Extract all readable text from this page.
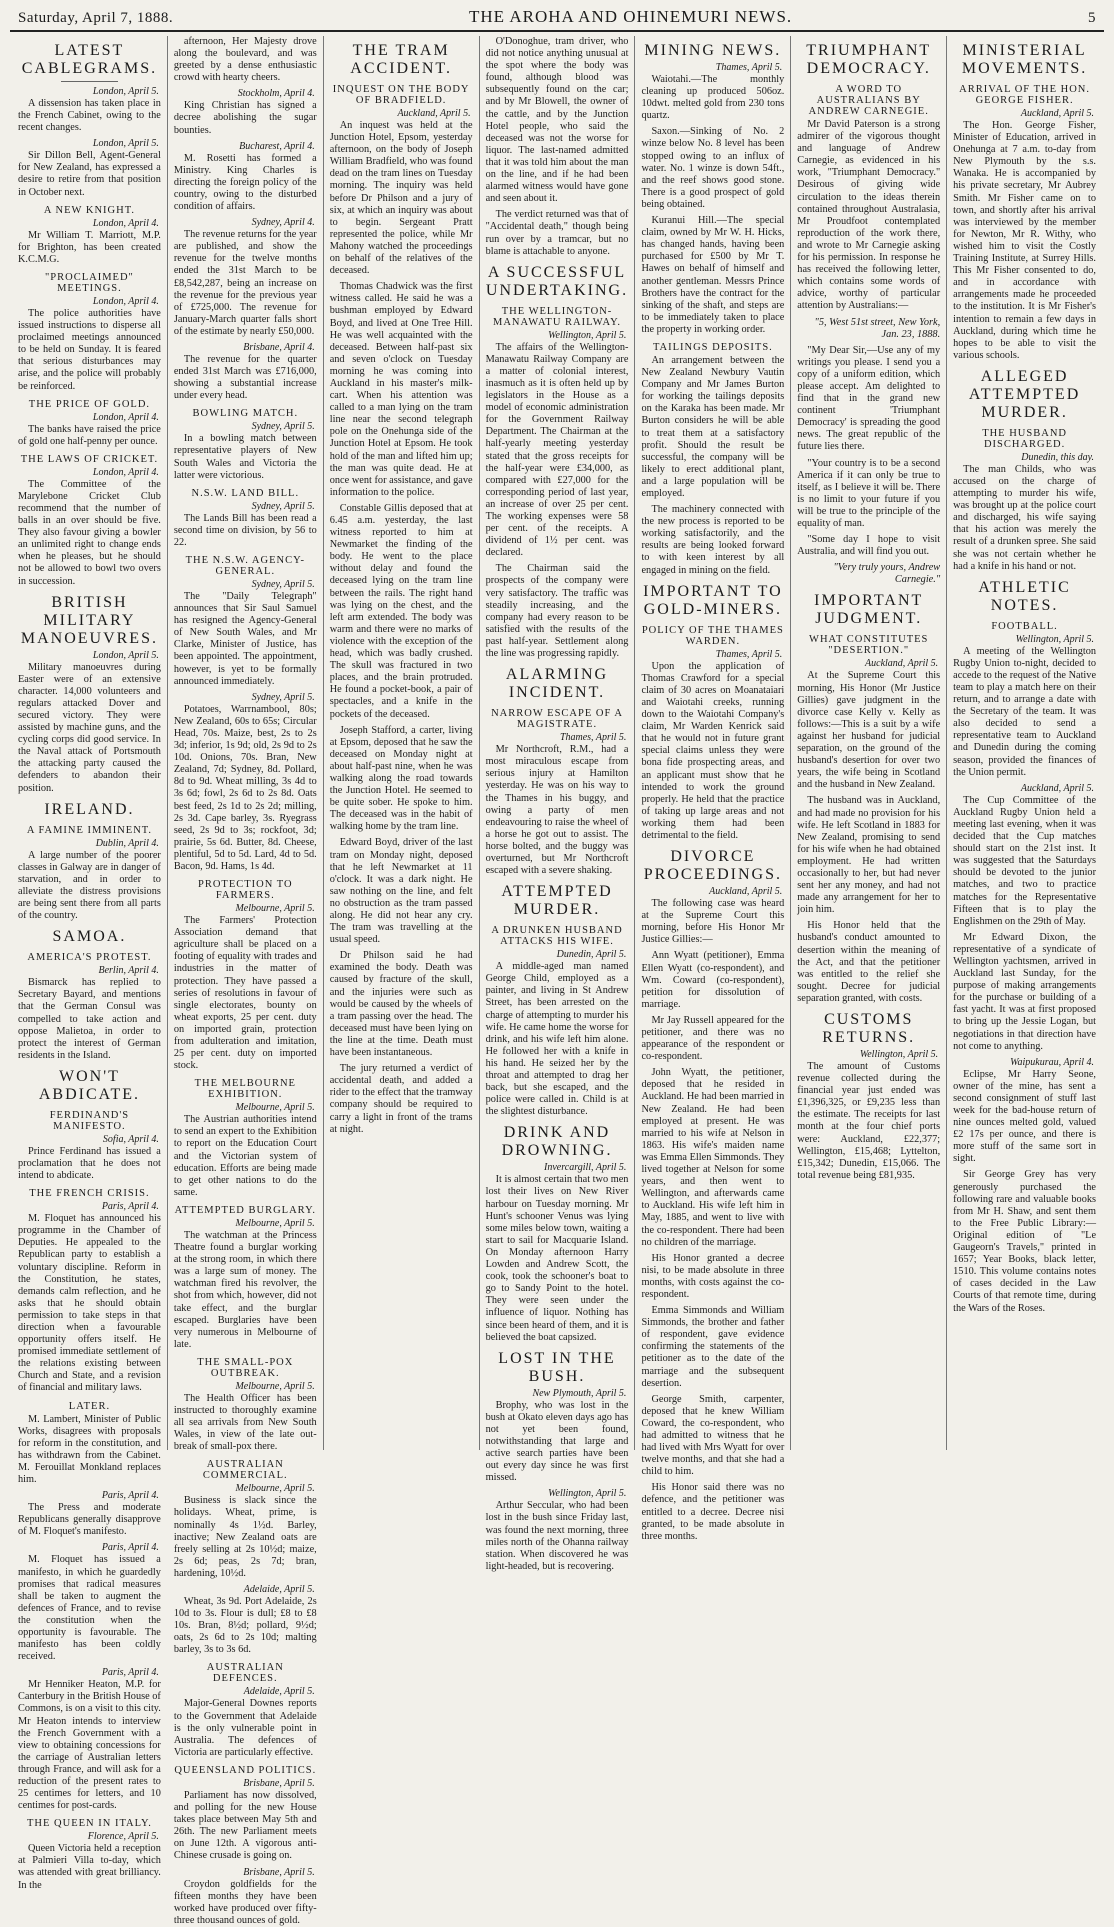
Saturday, April 7, 1888.	THE AROHA AND OHINEMURI NEWS.	5
LATEST CABLEGRAMS.
London, April 5.
A dissension has taken place in the French Cabinet, owing to the recent changes.
London, April 5.
Sir Dillon Bell, Agent-General for New Zealand, has expressed a desire to retire from that position in October next.
A NEW KNIGHT.
London, April 4.
Mr William T. Marriott, M.P. for Brighton, has been created K.C.M.G.
"PROCLAIMED" MEETINGS.
London, April 4.
The police authorities have issued instructions to disperse all proclaimed meetings announced to be held on Sunday. It is feared that serious disturbances may arise, and the police will probably be reinforced.
THE PRICE OF GOLD.
London, April 4.
The banks have raised the price of gold one half-penny per ounce.
THE LAWS OF CRICKET.
London, April 4.
The Committee of the Marylebone Cricket Club recommend that the number of balls in an over should be five. They also favour giving a bowler an unlimited right to change ends when he pleases, but he should not be allowed to bowl two overs in succession.
BRITISH MILITARY MANOEUVRES.
London, April 5.
Military manoeuvres during Easter were of an extensive character. 14,000 volunteers and regulars attacked Dover and secured victory. They were assisted by machine guns, and the cycling corps did good service. In the Naval attack of Portsmouth the attacking party caused the defenders to abandon their position.
IRELAND.
A FAMINE IMMINENT.
Dublin, April 4.
A large number of the poorer classes in Galway are in danger of starvation, and in order to alleviate the distress provisions are being sent there from all parts of the country.
SAMOA.
AMERICA'S PROTEST.
Berlin, April 4.
Bismarck has replied to Secretary Bayard, and mentions that the German Consul was compelled to take action and oppose Malietoa, in order to protect the interest of German residents in the Island.
WON'T ABDICATE.
FERDINAND'S MANIFESTO.
Sofia, April 4.
Prince Ferdinand has issued a proclamation that he does not intend to abdicate.
THE FRENCH CRISIS.
Paris, April 4.
M. Floquet has announced his programme in the Chamber of Deputies. He appealed to the Republican party to establish a voluntary discipline. Reform in the Constitution, he states, demands calm reflection, and he asks that he should obtain permission to take steps in that direction when a favourable opportunity offers itself. He promised immediate settlement of the relations existing between Church and State, and a revision of financial and military laws.
LATER.
M. Lambert, Minister of Public Works, disagrees with proposals for reform in the constitution, and has withdrawn from the Cabinet. M. Ferouillat Monkland replaces him.
Paris, April 4.
The Press and moderate Republicans generally disapprove of M. Floquet's manifesto.
Paris, April 4.
M. Floquet has issued a manifesto, in which he guardedly promises that radical measures shall be taken to augment the defences of France, and to revise the constitution when the opportunity is favourable. The manifesto has been coldly received.
Paris, April 4.
Mr Henniker Heaton, M.P. for Canterbury in the British House of Commons, is on a visit to this city. Mr Heaton intends to interview the French Government with a view to obtaining concessions for the carriage of Australian letters through France, and will ask for a reduction of the present rates to 25 centimes for letters, and 10 centimes for post-cards.
THE QUEEN IN ITALY.
Florence, April 5.
Queen Victoria held a reception at Palmieri Villa to-day, which was attended with great brilliancy. In the
afternoon, Her Majesty drove along the boulevard, and was greeted by a dense enthusiastic crowd with hearty cheers.
Stockholm, April 4.
King Christian has signed a decree abolishing the sugar bounties.
Bucharest, April 4.
M. Rosetti has formed a Ministry. King Charles is directing the foreign policy of the country, owing to the disturbed condition of affairs.
Sydney, April 4.
The revenue returns for the year are published, and show the revenue for the twelve months ended the 31st March to be £8,542,287, being an increase on the revenue for the previous year of £725,000. The revenue for January-March quarter falls short of the estimate by nearly £50,000.
Brisbane, April 4.
The revenue for the quarter ended 31st March was £716,000, showing a substantial increase under every head.
BOWLING MATCH.
Sydney, April 5.
In a bowling match between representative players of New South Wales and Victoria the latter were victorious.
N.S.W. LAND BILL.
Sydney, April 5.
The Lands Bill has been read a second time on division, by 56 to 22.
THE N.S.W. AGENCY-GENERAL.
Sydney, April 5.
The "Daily Telegraph" announces that Sir Saul Samuel has resigned the Agency-General of New South Wales, and Mr Clarke, Minister of Justice, has been appointed. The appointment, however, is yet to be formally announced immediately.
Sydney, April 5.
Potatoes, Warrnambool, 80s; New Zealand, 60s to 65s; Circular Head, 70s. Maize, best, 2s to 2s 3d; inferior, 1s 9d; old, 2s 9d to 2s 10d. Onions, 70s. Bran, New Zealand, 7d; Sydney, 8d. Pollard, 8d to 9d. Wheat milling, 3s 4d to 3s 6d; fowl, 2s 6d to 2s 8d. Oats best feed, 2s 1d to 2s 2d; milling, 2s 3d. Cape barley, 3s. Ryegrass seed, 2s 9d to 3s; rockfoot, 3d; prairie, 5s 6d. Butter, 8d. Cheese, plentiful, 5d to 5d. Lard, 4d to 5d. Bacon, 9d. Hams, 1s 4d.
PROTECTION TO FARMERS.
Melbourne, April 5.
The Farmers' Protection Association demand that agriculture shall be placed on a footing of equality with trades and industries in the matter of protection. They have passed a series of resolutions in favour of single electorates, bounty on wheat exports, 25 per cent. duty on imported grain, protection from adulteration and imitation, 25 per cent. duty on imported stock.
THE MELBOURNE EXHIBITION.
Melbourne, April 5.
The Austrian authorities intend to send an expert to the Exhibition to report on the Education Court and the Victorian system of education. Efforts are being made to get other nations to do the same.
ATTEMPTED BURGLARY.
Melbourne, April 5.
The watchman at the Princess Theatre found a burglar working at the strong room, in which there was a large sum of money. The watchman fired his revolver, the shot from which, however, did not take effect, and the burglar escaped. Burglaries have been very numerous in Melbourne of late.
THE SMALL-POX OUTBREAK.
Melbourne, April 5.
The Health Officer has been instructed to thoroughly examine all sea arrivals from New South Wales, in view of the late out-break of small-pox there.
AUSTRALIAN COMMERCIAL.
Melbourne, April 5.
Business is slack since the holidays. Wheat, prime, is nominally 4s 1½d. Barley, inactive; New Zealand oats are freely selling at 2s 10½d; maize, 2s 6d; peas, 2s 7d; bran, hardening, 10½d.
Adelaide, April 5.
Wheat, 3s 9d. Port Adelaide, 2s 10d to 3s. Flour is dull; £8 to £8 10s. Bran, 8½d; pollard, 9½d; oats, 2s 6d to 2s 10d; malting barley, 3s to 3s 6d.
AUSTRALIAN DEFENCES.
Adelaide, April 5.
Major-General Downes reports to the Government that Adelaide is the only vulnerable point in Australia. The defences of Victoria are particularly effective.
QUEENSLAND POLITICS.
Brisbane, April 5.
Parliament has now dissolved, and polling for the new House takes place between May 5th and 26th. The new Parliament meets on June 12th. A vigorous anti-Chinese crusade is going on.
Brisbane, April 5.
Croydon goldfields for the fifteen months they have been worked have produced over fifty-three thousand ounces of gold.
THE TRAM ACCIDENT.
INQUEST ON THE BODY OF BRADFIELD.
Auckland, April 5.
An inquest was held at the Junction Hotel, Epsom, yesterday afternoon, on the body of Joseph William Bradfield, who was found dead on the tram lines on Tuesday morning. The inquiry was held before Dr Philson and a jury of six, at which an inquiry was about to begin. Sergeant Pratt represented the police, while Mr Mahony watched the proceedings on behalf of the relatives of the deceased.
Thomas Chadwick was the first witness called. He said he was a bushman employed by Edward Boyd, and lived at One Tree Hill. He was well acquainted with the deceased. Between half-past six and seven o'clock on Tuesday morning he was coming into Auckland in his master's milk-cart. When his attention was called to a man lying on the tram line near the second telegraph pole on the Onehunga side of the Junction Hotel at Epsom. He took hold of the man and lifted him up; the man was quite dead. He at once went for assistance, and gave information to the police.
Constable Gillis deposed that at 6.45 a.m. yesterday, the last witness reported to him at Newmarket the finding of the body. He went to the place without delay and found the deceased lying on the tram line between the rails. The right hand was lying on the chest, and the left arm extended. The body was warm and there were no marks of violence with the exception of the head, which was badly crushed. The skull was fractured in two places, and the brain protruded. He found a pocket-book, a pair of spectacles, and a knife in the pockets of the deceased.
Joseph Stafford, a carter, living at Epsom, deposed that he saw the deceased on Monday night at about half-past nine, when he was walking along the road towards the Junction Hotel. He seemed to be quite sober. He spoke to him. The deceased was in the habit of walking home by the tram line.
Edward Boyd, driver of the last tram on Monday night, deposed that he left Newmarket at 11 o'clock. It was a dark night. He saw nothing on the line, and felt no obstruction as the tram passed along. He did not hear any cry. The tram was travelling at the usual speed.
Dr Philson said he had examined the body. Death was caused by fracture of the skull, and the injuries were such as would be caused by the wheels of a tram passing over the head. The deceased must have been lying on the line at the time. Death must have been instantaneous.
The jury returned a verdict of accidental death, and added a rider to the effect that the tramway company should be required to carry a light in front of the trams at night.
O'Donoghue, tram driver, who did not notice anything unusual at the spot where the body was found, although blood was subsequently found on the car; and by Mr Blowell, the owner of the cattle, and by the Junction Hotel people, who said the deceased was not the worse for liquor. The last-named admitted that it was told him about the man on the line, and if he had been alarmed witness would have gone and seen about it.
The verdict returned was that of "Accidental death," though being run over by a tramcar, but no blame is attachable to anyone.
A SUCCESSFUL UNDERTAKING.
THE WELLINGTON-MANAWATU RAILWAY.
Wellington, April 5.
The affairs of the Wellington-Manawatu Railway Company are a matter of colonial interest, inasmuch as it is often held up by legislators in the House as a model of economic administration for the Government Railway Department. The Chairman at the half-yearly meeting yesterday stated that the gross receipts for the half-year were £34,000, as compared with £27,000 for the corresponding period of last year, an increase of over 25 per cent. The working expenses were 58 per cent. of the receipts. A dividend of 1½ per cent. was declared.
The Chairman said the prospects of the company were very satisfactory. The traffic was steadily increasing, and the company had every reason to be satisfied with the results of the past half-year. Settlement along the line was progressing rapidly.
ALARMING INCIDENT.
NARROW ESCAPE OF A MAGISTRATE.
Thames, April 5.
Mr Northcroft, R.M., had a most miraculous escape from serious injury at Hamilton yesterday. He was on his way to the Thames in his buggy, and owing a party of men endeavouring to raise the wheel of a horse he got out to assist. The horse bolted, and the buggy was overturned, but Mr Northcroft escaped with a severe shaking.
ATTEMPTED MURDER.
A DRUNKEN HUSBAND ATTACKS HIS WIFE.
Dunedin, April 5.
A middle-aged man named George Child, employed as a painter, and living in St Andrew Street, has been arrested on the charge of attempting to murder his wife. He came home the worse for drink, and his wife left him alone. He followed her with a knife in his hand. He seized her by the throat and attempted to drag her back, but she escaped, and the police were called in. Child is at the slightest disturbance.
DRINK AND DROWNING.
Invercargill, April 5.
It is almost certain that two men lost their lives on New River harbour on Tuesday morning. Mr Hunt's schooner Venus was lying some miles below town, waiting a start to sail for Macquarie Island. On Monday afternoon Harry Lowden and Andrew Scott, the cook, took the schooner's boat to go to Sandy Point to the hotel. They were seen under the influence of liquor. Nothing has since been heard of them, and it is believed the boat capsized.
LOST IN THE BUSH.
New Plymouth, April 5.
Brophy, who was lost in the bush at Okato eleven days ago has not yet been found, notwithstanding that large and active search parties have been out every day since he was first missed.
Wellington, April 5.
Arthur Seccular, who had been lost in the bush since Friday last, was found the next morning, three miles north of the Ohanna railway station. When discovered he was light-headed, but is recovering.
MINING NEWS.
Thames, April 5.
Waiotahi.—The monthly cleaning up produced 506oz. 10dwt. melted gold from 230 tons quartz.
Saxon.—Sinking of No. 2 winze below No. 8 level has been stopped owing to an influx of water. No. 1 winze is down 54ft., and the reef shows good stone. There is a good prospect of gold being obtained.
Kuranui Hill.—The special claim, owned by Mr W. H. Hicks, has changed hands, having been purchased for £500 by Mr T. Hawes on behalf of himself and another gentleman. Messrs Prince Brothers have the contract for the sinking of the shaft, and steps are to be immediately taken to place the property in working order.
TAILINGS DEPOSITS.
An arrangement between the New Zealand Newbury Vautin Company and Mr James Burton for working the tailings deposits on the Karaka has been made. Mr Burton considers he will be able to treat them at a satisfactory profit. Should the result be successful, the company will be likely to erect additional plant, and a large population will be employed.
The machinery connected with the new process is reported to be working satisfactorily, and the results are being looked forward to with keen interest by all engaged in mining on the field.
IMPORTANT TO GOLD-MINERS.
POLICY OF THE THAMES WARDEN.
Thames, April 5.
Upon the application of Thomas Crawford for a special claim of 30 acres on Moanataiari and Waiotahi creeks, running down to the Waiotahi Company's claim, Mr Warden Kenrick said that he would not in future grant special claims unless they were bona fide prospecting areas, and an applicant must show that he intended to work the ground properly. He held that the practice of taking up large areas and not working them had been detrimental to the field.
DIVORCE PROCEEDINGS.
Auckland, April 5.
The following case was heard at the Supreme Court this morning, before His Honor Mr Justice Gillies:—
Ann Wyatt (petitioner), Emma Ellen Wyatt (co-respondent), and Wm. Coward (co-respondent), petition for dissolution of marriage.
Mr Jay Russell appeared for the petitioner, and there was no appearance of the respondent or co-respondent.
John Wyatt, the petitioner, deposed that he resided in Auckland. He had been married in New Zealand. He had been employed at present. He was married to his wife at Nelson in 1863. His wife's maiden name was Emma Ellen Simmonds. They lived together at Nelson for some years, and then went to Wellington, and afterwards came to Auckland. His wife left him in May, 1885, and went to live with the co-respondent. There had been no children of the marriage.
His Honor granted a decree nisi, to be made absolute in three months, with costs against the co-respondent.
Emma Simmonds and William Simmonds, the brother and father of respondent, gave evidence confirming the statements of the petitioner as to the date of the marriage and the subsequent desertion.
George Smith, carpenter, deposed that he knew William Coward, the co-respondent, who had admitted to witness that he had lived with Mrs Wyatt for over twelve months, and that she had a child to him.
His Honor said there was no defence, and the petitioner was entitled to a decree. Decree nisi granted, to be made absolute in three months.
TRIUMPHANT DEMOCRACY.
A WORD TO AUSTRALIANS BY ANDREW CARNEGIE.
Mr David Paterson is a strong admirer of the vigorous thought and language of Andrew Carnegie, as evidenced in his work, "Triumphant Democracy." Desirous of giving wide circulation to the ideas therein contained throughout Australasia, Mr Proudfoot contemplated reproduction of the work there, and wrote to Mr Carnegie asking for his permission. In response he has received the following letter, which contains some words of advice, worthy of particular attention by Australians:—
"5, West 51st street, New York, Jan. 23, 1888.
"My Dear Sir,—Use any of my writings you please. I send you a copy of a uniform edition, which please accept. Am delighted to find that in the grand new continent 'Triumphant Democracy' is spreading the good news. The great republic of the future lies there.
"Your country is to be a second America if it can only be true to itself, as I believe it will be. There is no limit to your future if you will be true to the principle of the equality of man.
"Some day I hope to visit Australia, and will find you out.
"Very truly yours, Andrew Carnegie."
IMPORTANT JUDGMENT.
WHAT CONSTITUTES "DESERTION."
Auckland, April 5.
At the Supreme Court this morning, His Honor (Mr Justice Gillies) gave judgment in the divorce case Kelly v. Kelly as follows:—This is a suit by a wife against her husband for judicial separation, on the ground of the husband's desertion for over two years, the wife being in Scotland and the husband in New Zealand.
The husband was in Auckland, and had made no provision for his wife. He left Scotland in 1883 for New Zealand, promising to send for his wife when he had obtained employment. He had written occasionally to her, but had never sent her any money, and had not made any arrangement for her to join him.
His Honor held that the husband's conduct amounted to desertion within the meaning of the Act, and that the petitioner was entitled to the relief she sought. Decree for judicial separation granted, with costs.
CUSTOMS RETURNS.
Wellington, April 5.
The amount of Customs revenue collected during the financial year just ended was £1,396,325, or £9,235 less than the estimate. The receipts for last month at the four chief ports were: Auckland, £22,377; Wellington, £15,468; Lyttelton, £15,342; Dunedin, £15,066. The total revenue being £81,935.
MINISTERIAL MOVEMENTS.
ARRIVAL OF THE HON. GEORGE FISHER.
Auckland, April 5.
The Hon. George Fisher, Minister of Education, arrived in Onehunga at 7 a.m. to-day from New Plymouth by the s.s. Wanaka. He is accompanied by his private secretary, Mr Aubrey Smith. Mr Fisher came on to town, and shortly after his arrival was interviewed by the member for Newton, Mr R. Withy, who wished him to visit the Costly Training Institute, at Surrey Hills. This Mr Fisher consented to do, and in accordance with arrangements made he proceeded to the institution. It is Mr Fisher's intention to remain a few days in Auckland, during which time he hopes to be able to visit the various schools.
ALLEGED ATTEMPTED MURDER.
THE HUSBAND DISCHARGED.
Dunedin, this day.
The man Childs, who was accused on the charge of attempting to murder his wife, was brought up at the police court and discharged, his wife saying that his action was merely the result of a drunken spree. She said she was not certain whether he had a knife in his hand or not.
ATHLETIC NOTES.
FOOTBALL.
Wellington, April 5.
A meeting of the Wellington Rugby Union to-night, decided to accede to the request of the Native team to play a match here on their return, and to arrange a date with the Secretary of the team. It was also decided to send a representative team to Auckland and Dunedin during the coming season, provided the finances of the Union permit.
Auckland, April 5.
The Cup Committee of the Auckland Rugby Union held a meeting last evening, when it was decided that the Cup matches should start on the 21st inst. It was suggested that the Saturdays should be devoted to the junior matches, and two to practice matches for the Representative Fifteen that is to play the Englishmen on the 29th of May.
Mr Edward Dixon, the representative of a syndicate of Wellington yachtsmen, arrived in Auckland last Sunday, for the purpose of making arrangements for the purchase or building of a fast yacht. It was at first proposed to bring up the Jessie Logan, but negotiations in that direction have not come to anything.
Waipukurau, April 4.
Eclipse, Mr Harry Seone, owner of the mine, has sent a second consignment of stuff last week for the bad-house return of nine ounces melted gold, valued £2 17s per ounce, and there is more stuff of the same sort in sight.
Sir George Grey has very generously purchased the following rare and valuable books from Mr H. Shaw, and sent them to the Free Public Library:—Original edition of "Le Gaugeorn's Travels," printed in 1657; Year Books, black letter, 1510. This volume contains notes of cases decided in the Law Courts of that remote time, during the Wars of the Roses.
